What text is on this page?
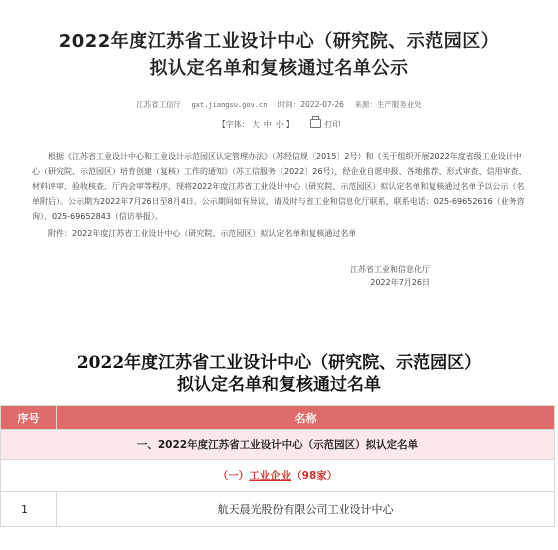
2022年度江苏省工业设计中心（研究院、示范园区）
拟认定名单和复核通过名单公示
江苏省工信厅 gxt.jiangsu.gov.cn 时间：2022-07-26 来源：生产服务业处
【字体： 大 中 小 】	打印

根据《江苏省工业设计中心和工业设计示范园区认定管理办法》（苏经信规〔2015〕2号）和《关于组织开展2022年度省级工业设计中心（研究院、示范园区）培育创建（复核）工作的通知》（苏工信服务〔2022〕26号），经企业自愿申报、各地推荐、形式审查、信用审查、材料评审、验收核查、厅内会审等程序，现将2022年度江苏省工业设计中心（研究院、示范园区）拟认定名单和复核通过名单予以公示（名单附后）。公示期为2022年7月26日至8月4日。公示期间如有异议，请及时与省工业和信息化厅联系，联系电话：025-69652616（业务咨询）、025-69652843（信访举报）。

附件：2022年度江苏省工业设计中心（研究院、示范园区）拟认定名单和复核通过名单
江苏省工业和信息化厅
2022年7月26日
2022年度江苏省工业设计中心（研究院、示范园区）
拟认定名单和复核通过名单
序号	名称
一、2022年度江苏省工业设计中心（示范园区）拟认定名单	
（一）工业企业（98家）	
1	航天晨光股份有限公司工业设计中心
